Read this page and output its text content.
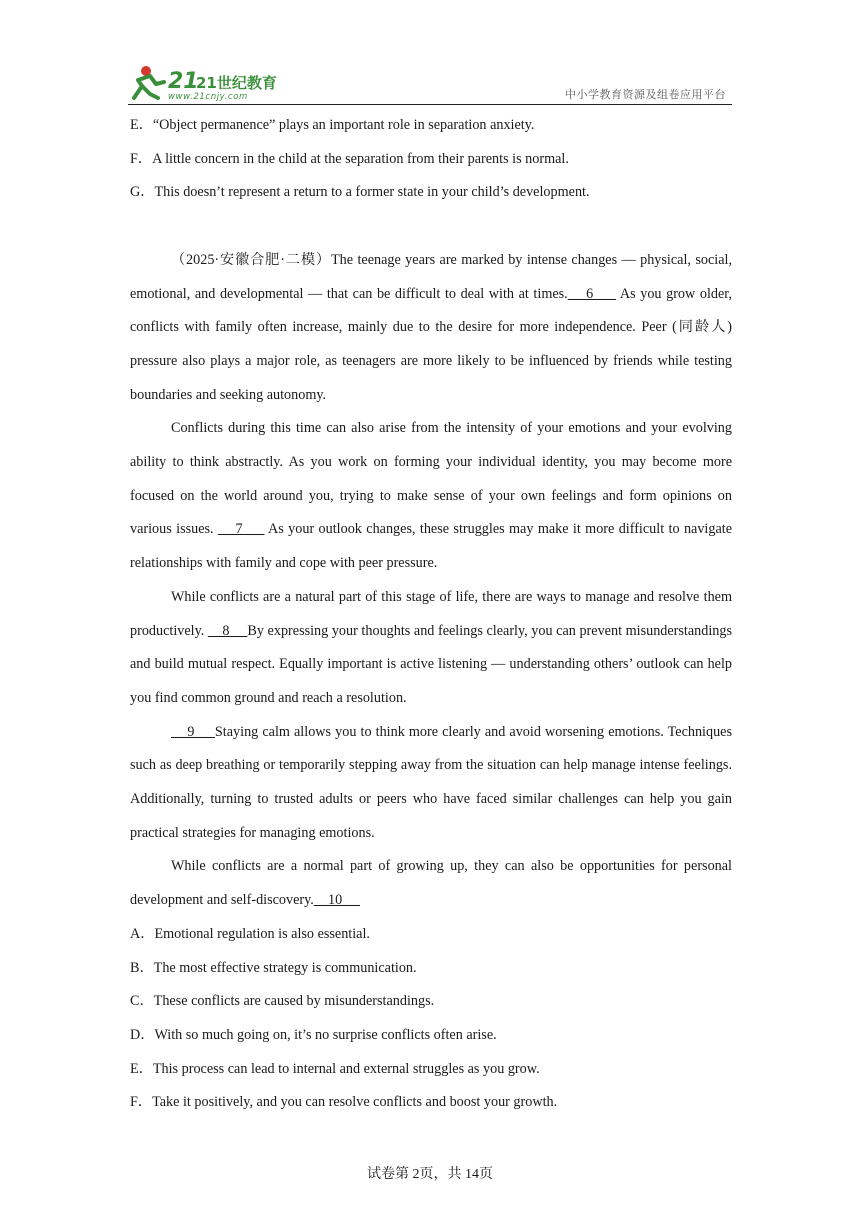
21
21世纪教育
www.21cnjy.com	中小学教育资源及组卷应用平台

E．“Object permanence” plays an important role in separation anxiety.

F．A little concern in the child at the separation from their parents is normal.

G．This doesn’t represent a return to a former state in your child’s development.

（2025·安徽合肥·二模）The teenage years are marked by intense changes — physical, social, emotional, and developmental — that can be difficult to deal with at times.    6      As you grow older, conflicts with family often increase, mainly due to the desire for more independence. Peer (同龄人) pressure also plays a major role, as teenagers are more likely to be influenced by friends while testing boundaries and seeking autonomy.

Conflicts during this time can also arise from the intensity of your emotions and your evolving ability to think abstractly. As you work on forming your individual identity, you may become more focused on the world around you, trying to make sense of your own feelings and form opinions on various issues.     7      As your outlook changes, these struggles may make it more difficult to navigate relationships with family and cope with peer pressure.

While conflicts are a natural part of this stage of life, there are ways to manage and resolve them productively.     8     By expressing your thoughts and feelings clearly, you can prevent misunderstandings and build mutual respect. Equally important is active listening — understanding others’ outlook can help you find common ground and reach a resolution.

9     Staying calm allows you to think more clearly and avoid worsening emotions. Techniques such as deep breathing or temporarily stepping away from the situation can help manage intense feelings. Additionally, turning to trusted adults or peers who have faced similar challenges can help you gain practical strategies for managing emotions.

While conflicts are a normal part of growing up, they can also be opportunities for personal development and self-discovery.    10

A．Emotional regulation is also essential.

B．The most effective strategy is communication.

C．These conflicts are caused by misunderstandings.

D．With so much going on, it’s no surprise conflicts often arise.

E．This process can lead to internal and external struggles as you grow.

F．Take it positively, and you can resolve conflicts and boost your growth.

试卷第 2页，共 14页
